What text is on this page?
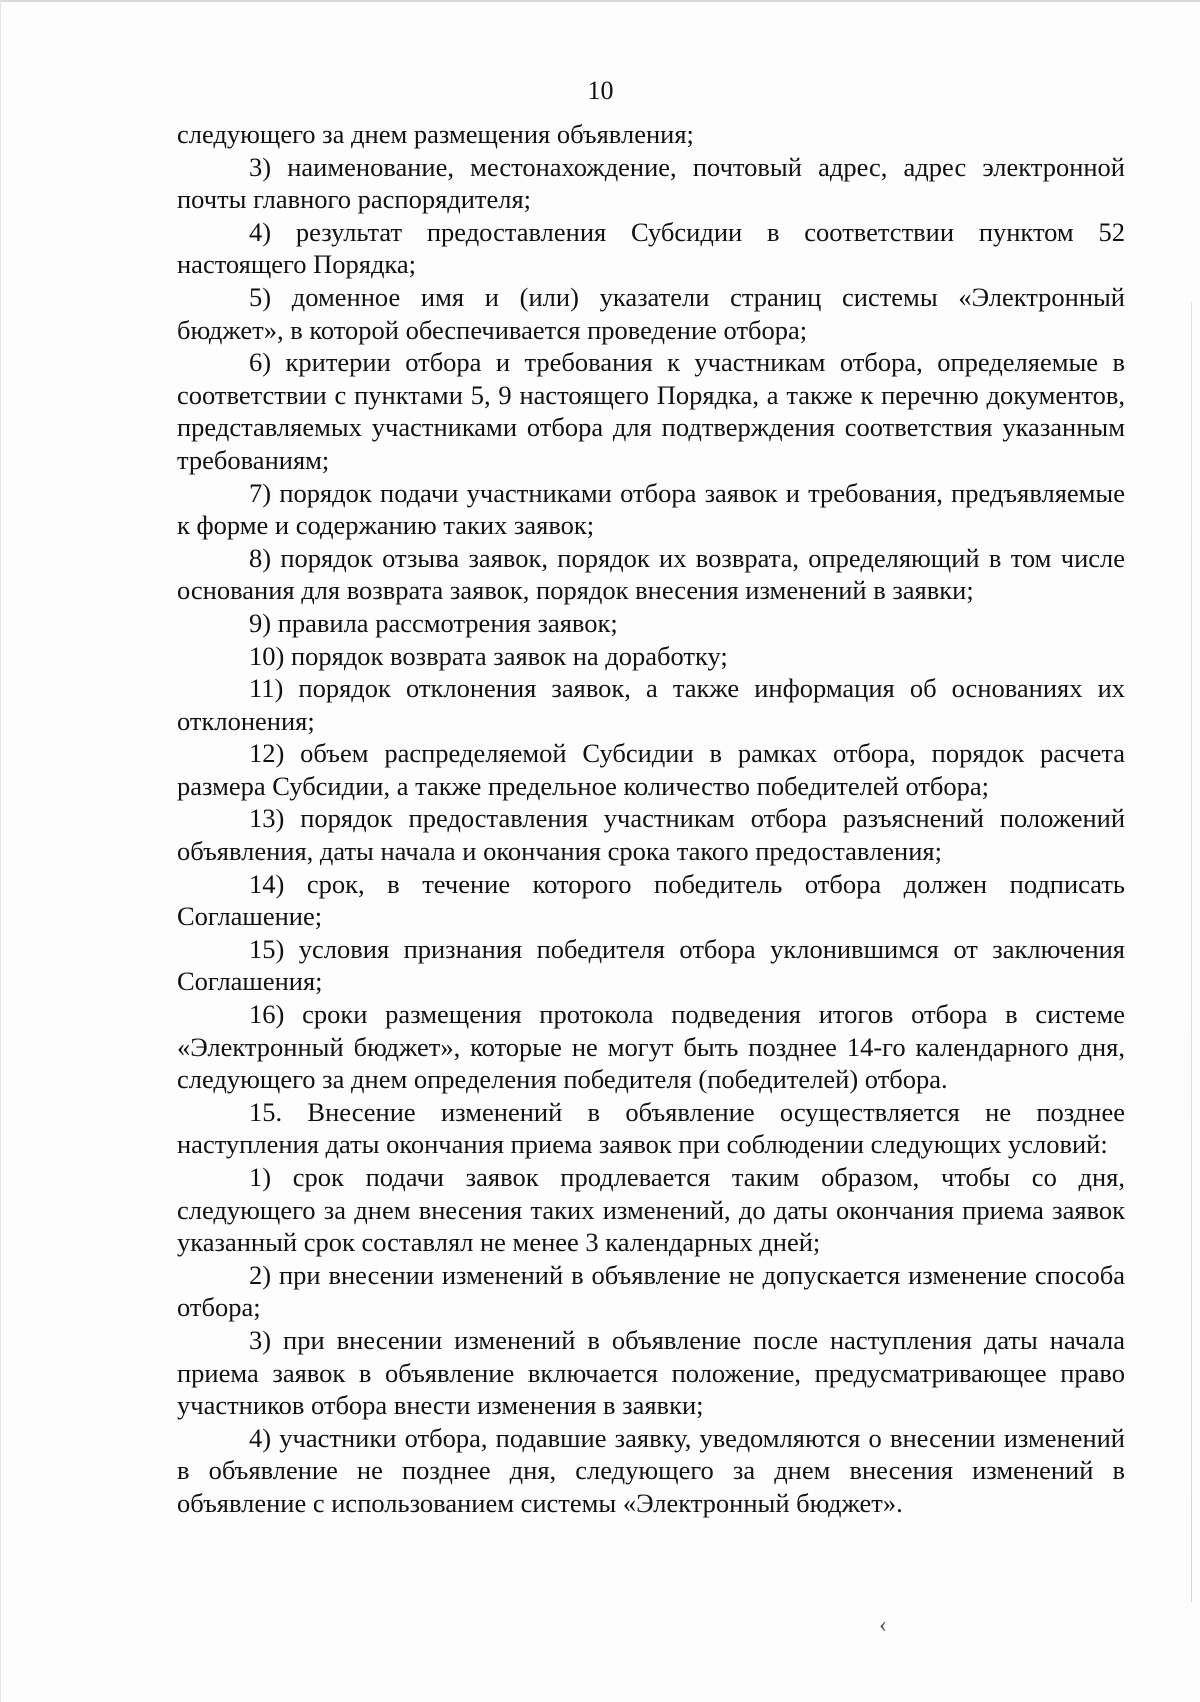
10

следующего за днем размещения объявления;

3) наименование, местонахождение, почтовый адрес, адрес электронной почты главного распорядителя;

4) результат предоставления Субсидии в соответствии пунктом 52 настоящего Порядка;

5) доменное имя и (или) указатели страниц системы «Электронный бюджет», в которой обеспечивается проведение отбора;

6) критерии отбора и требования к участникам отбора, определяемые в соответствии с пунктами 5, 9 настоящего Порядка, а также к перечню документов, представляемых участниками отбора для подтверждения соответствия указанным требованиям;

7) порядок подачи участниками отбора заявок и требования, предъявляемые к форме и содержанию таких заявок;

8) порядок отзыва заявок, порядок их возврата, определяющий в том числе основания для возврата заявок, порядок внесения изменений в заявки;

9) правила рассмотрения заявок;

10) порядок возврата заявок на доработку;

11) порядок отклонения заявок, а также информация об основаниях их отклонения;

12) объем распределяемой Субсидии в рамках отбора, порядок расчета размера Субсидии, а также предельное количество победителей отбора;

13) порядок предоставления участникам отбора разъяснений положений объявления, даты начала и окончания срока такого предоставления;

14) срок, в течение которого победитель отбора должен подписать Соглашение;

15) условия признания победителя отбора уклонившимся от заключения Соглашения;

16) сроки размещения протокола подведения итогов отбора в системе «Электронный бюджет», которые не могут быть позднее 14-го календарного дня, следующего за днем определения победителя (победителей) отбора.

15. Внесение изменений в объявление осуществляется не позднее наступления даты окончания приема заявок при соблюдении следующих условий:

1) срок подачи заявок продлевается таким образом, чтобы со дня, следующего за днем внесения таких изменений, до даты окончания приема заявок указанный срок составлял не менее 3 календарных дней;

2) при внесении изменений в объявление не допускается изменение способа отбора;

3) при внесении изменений в объявление после наступления даты начала приема заявок в объявление включается положение, предусматривающее право участников отбора внести изменения в заявки;

4) участники отбора, подавшие заявку, уведомляются о внесении изменений в объявление не позднее дня, следующего за днем внесения изменений в объявление с использованием системы «Электронный бюджет».

‹
